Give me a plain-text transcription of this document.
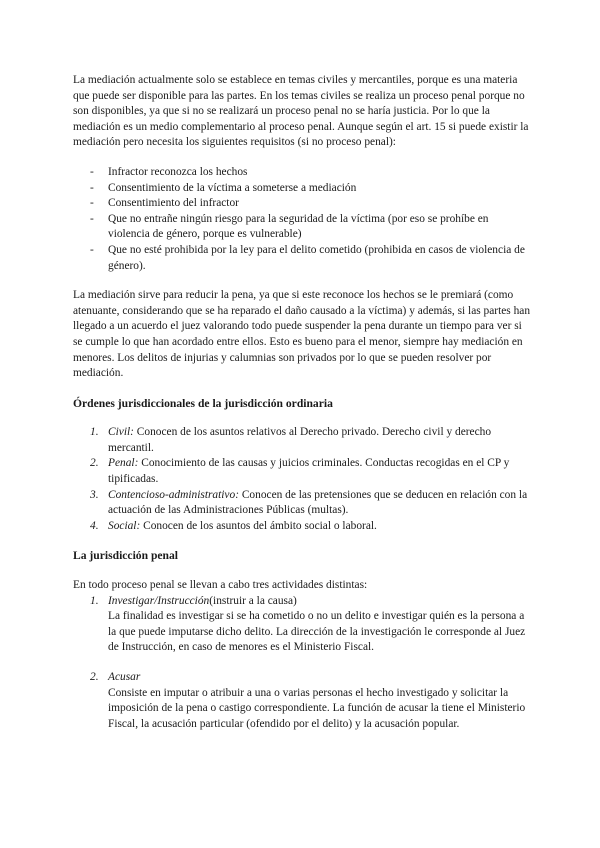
La mediación actualmente solo se establece en temas civiles y mercantiles, porque es una materia que puede ser disponible para las partes. En los temas civiles se realiza un proceso penal porque no son disponibles, ya que si no se realizará un proceso penal no se haría justicia. Por lo que la mediación es un medio complementario al proceso penal. Aunque según el art. 15 si puede existir la mediación pero necesita los siguientes requisitos (si no proceso penal):

- Infractor reconozca los hechos
- Consentimiento de la víctima a someterse a mediación
- Consentimiento del infractor
- Que no entrañe ningún riesgo para la seguridad de la víctima (por eso se prohíbe en violencia de género, porque es vulnerable)
- Que no esté prohibida por la ley para el delito cometido (prohibida en casos de violencia de género).

La mediación sirve para reducir la pena, ya que si este reconoce los hechos se le premiará (como atenuante, considerando que se ha reparado el daño causado a la víctima) y además, si las partes han llegado a un acuerdo el juez valorando todo puede suspender la pena durante un tiempo para ver si se cumple lo que han acordado entre ellos. Esto es bueno para el menor, siempre hay mediación en menores. Los delitos de injurias y calumnias son privados por lo que se pueden resolver por mediación.

Órdenes jurisdiccionales de la jurisdicción ordinaria
1. Civil: Conocen de los asuntos relativos al Derecho privado. Derecho civil y derecho mercantil.
2. Penal: Conocimiento de las causas y juicios criminales. Conductas recogidas en el CP y tipificadas.
3. Contencioso-administrativo: Conocen de las pretensiones que se deducen en relación con la actuación de las Administraciones Públicas (multas).
4. Social: Conocen de los asuntos del ámbito social o laboral.
La jurisdicción penal

En todo proceso penal se llevan a cabo tres actividades distintas:

1. Investigar/Instrucción(instruir a la causa)

La finalidad es investigar si se ha cometido o no un delito e investigar quién es la persona a la que puede imputarse dicho delito. La dirección de la investigación le corresponde al Juez de Instrucción, en caso de menores es el Ministerio Fiscal.

2. Acusar

Consiste en imputar o atribuir a una o varias personas el hecho investigado y solicitar la imposición de la pena o castigo correspondiente. La función de acusar la tiene el Ministerio Fiscal, la acusación particular (ofendido por el delito) y la acusación popular.
